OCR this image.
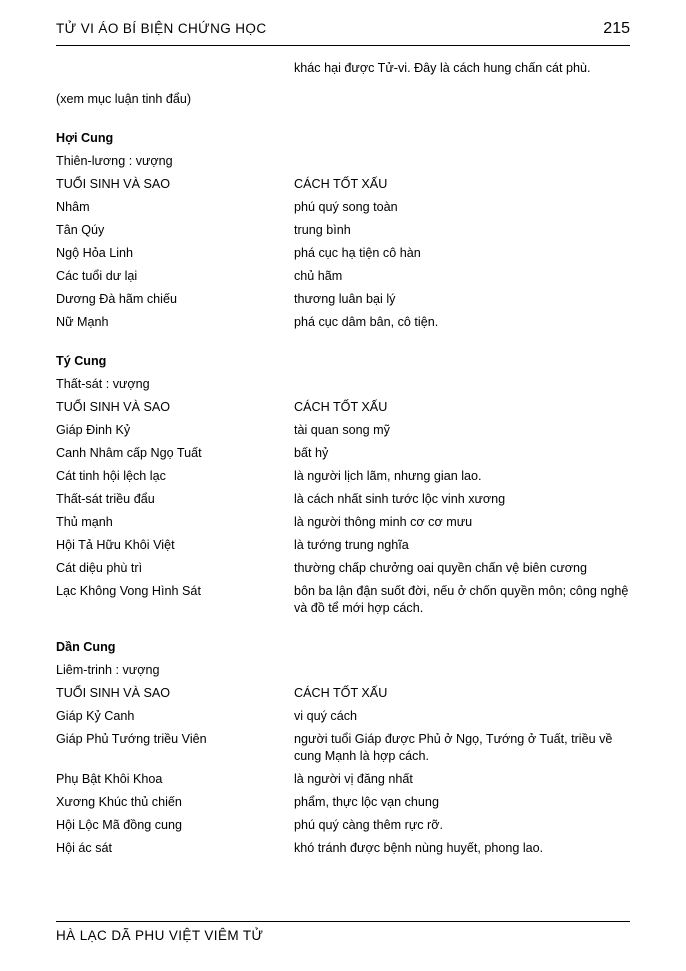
TỬ VI ÁO BÍ BIỆN CHỨNG HỌC	215
khác hại được Tử-vi. Đây là cách hung chấn cát phù.
(xem mục luận tinh đẩu)
Hợi Cung
Thiên-lương : vượng
TUỔI SINH VÀ SAO	CÁCH TỐT XẤU
Nhâm	phú quý song toàn
Tân Qúy	trung bình
Ngộ Hỏa Linh	phá cục hạ tiện cô hàn
Các tuổi dư lại	chủ hãm
Dương Đà hãm chiếu	thương luân bại lý
Nữ Mạnh	phá cục dâm bân, cô tiện.
Tý Cung
Thất-sát : vượng
TUỔI SINH VÀ SAO	CÁCH TỐT XẤU
Giáp Đinh Kỷ	tài quan song mỹ
Canh Nhâm cấp Ngọ Tuất	bất hỷ
Cát tinh hội lệch lạc	là người lịch lãm, nhưng gian lao.
Thất-sát triều đẩu	là cách nhất sinh tước lộc vinh xương
Thủ mạnh	là người thông minh cơ cơ mưu
Hội Tả Hữu Khôi Việt	là tướng trung nghĩa
Cát diệu phù trì	thường chấp chưởng oai quyền chấn vệ biên cương
Lạc Không Vong Hình Sát	bôn ba lận đận suốt đời, nếu ở chốn quyền môn; công nghệ và đồ tể mới hợp cách.
Dần Cung
Liêm-trinh : vượng
TUỔI SINH VÀ SAO	CÁCH TỐT XẤU
Giáp Kỷ Canh	vi quý cách
Giáp Phủ Tướng triều Viên	người tuổi Giáp được Phủ ở Ngọ, Tướng ở Tuất, triều về cung Mạnh là hợp cách.
Phụ Bật Khôi Khoa	là người vị đăng nhất
Xương Khúc thủ chiến	phẩm, thực lộc vạn chung
Hội Lộc Mã đồng cung	phú quý càng thêm rực rỡ.
Hội ác sát	khó tránh được bệnh nùng huyết, phong lao.
HÀ LẠC DÃ PHU VIỆT VIÊM TỬ
